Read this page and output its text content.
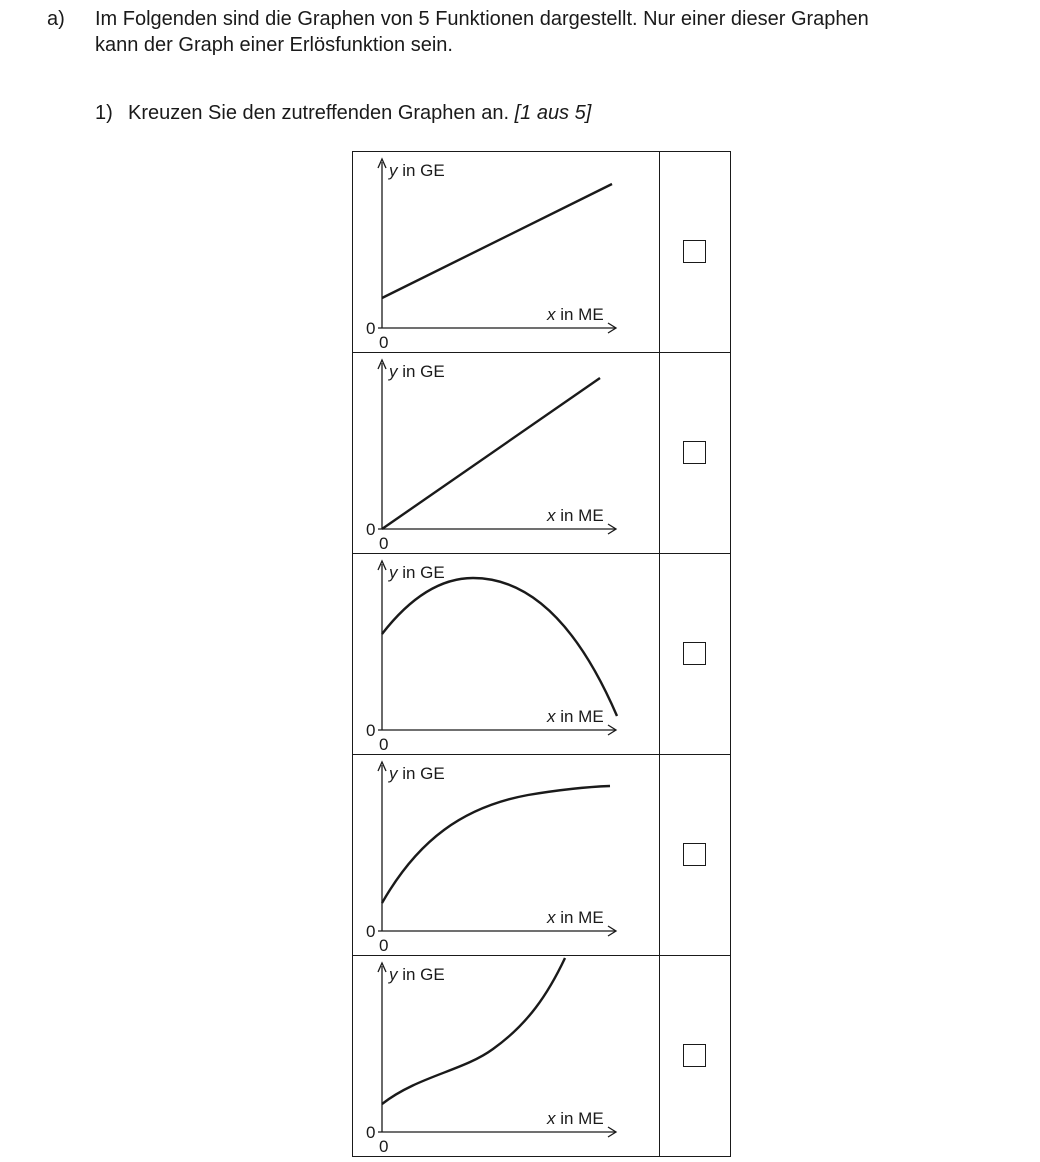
a) Im Folgenden sind die Graphen von 5 Funktionen dargestellt. Nur einer dieser Graphen

kann der Graph einer Erlösfunktion sein.

1) Kreuzen Sie den zutreffenden Graphen an. [1 aus 5]
y in GE
x in ME
0
0	

y in GE
x in ME
0
0	

y in GE
x in ME
0
0	

y in GE
x in ME
0
0	

y in GE
x in ME
0
0	
